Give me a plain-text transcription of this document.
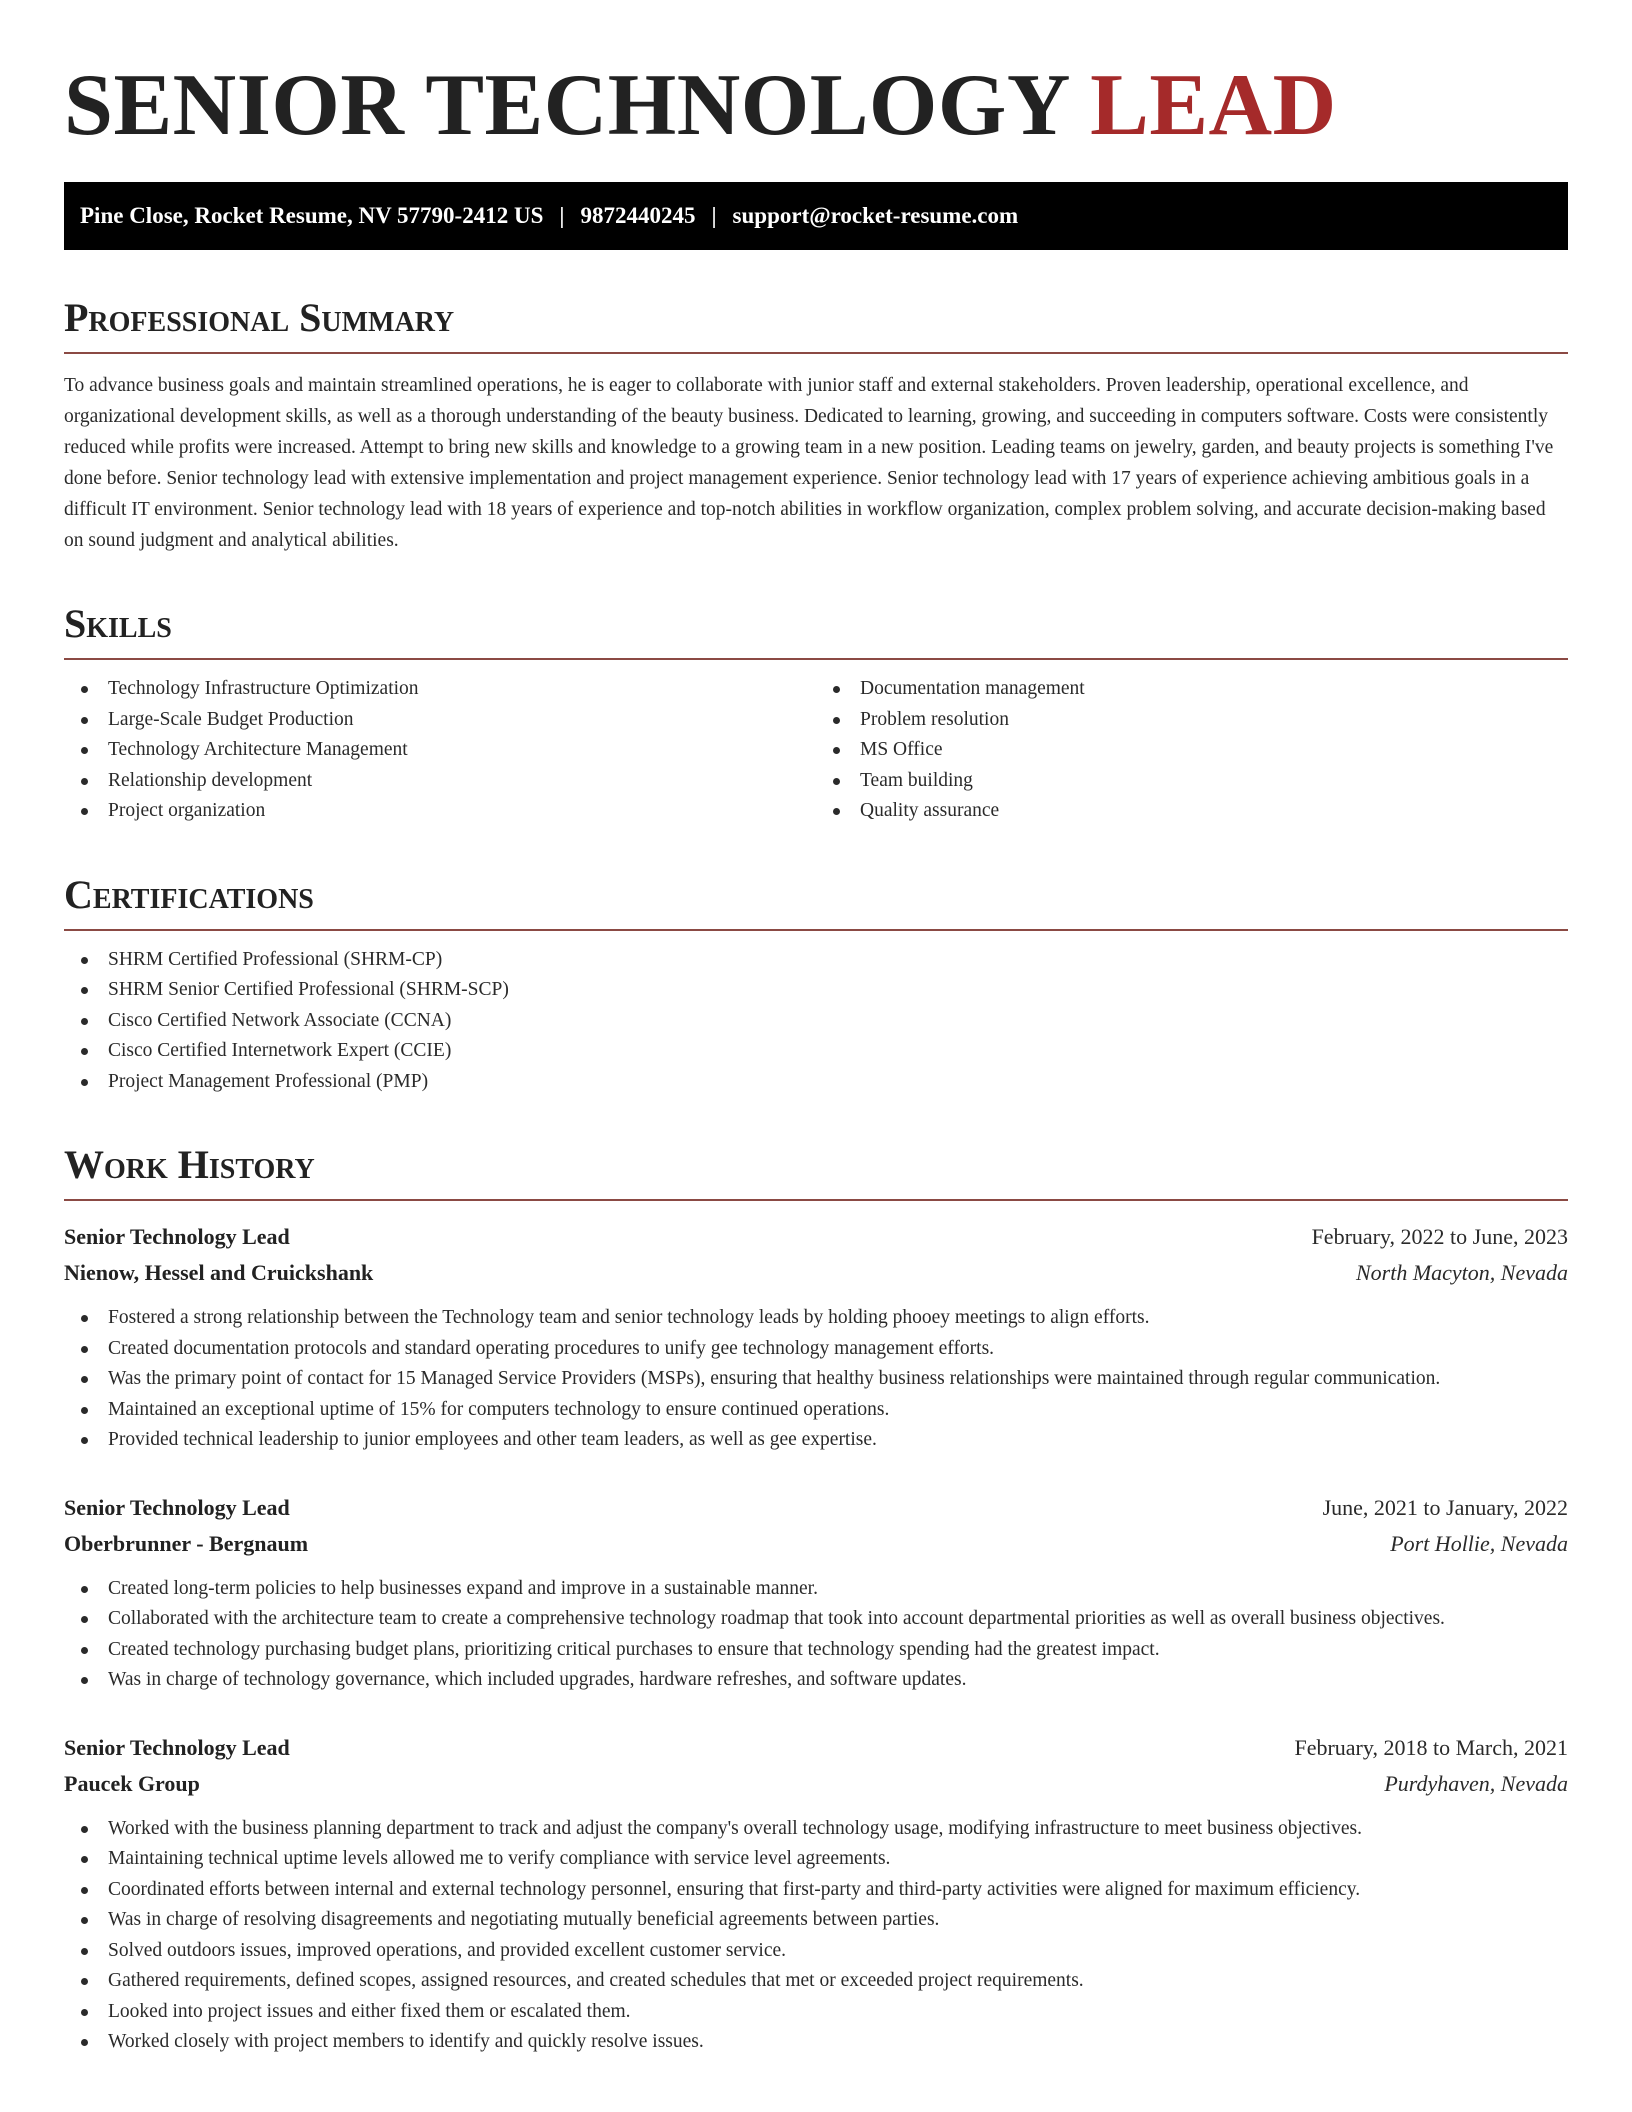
SENIOR TECHNOLOGY LEAD
Pine Close, Rocket Resume, NV 57790-2412 US | 9872440245 | support@rocket-resume.com
Professional Summary

To advance business goals and maintain streamlined operations, he is eager to collaborate with junior staff and external stakeholders. Proven leadership, operational excellence, and organizational development skills, as well as a thorough understanding of the beauty business. Dedicated to learning, growing, and succeeding in computers software. Costs were consistently reduced while profits were increased. Attempt to bring new skills and knowledge to a growing team in a new position. Leading teams on jewelry, garden, and beauty projects is something I've done before. Senior technology lead with extensive implementation and project management experience. Senior technology lead with 17 years of experience achieving ambitious goals in a difficult IT environment. Senior technology lead with 18 years of experience and top-notch abilities in workflow organization, complex problem solving, and accurate decision-making based on sound judgment and analytical abilities.

Skills
Technology Infrastructure Optimization
Large-Scale Budget Production
Technology Architecture Management
Relationship development
Project organization
Documentation management
Problem resolution
MS Office
Team building
Quality assurance
Certifications
SHRM Certified Professional (SHRM-CP)
SHRM Senior Certified Professional (SHRM-SCP)
Cisco Certified Network Associate (CCNA)
Cisco Certified Internetwork Expert (CCIE)
Project Management Professional (PMP)
Work History
Senior Technology Lead	February, 2022 to June, 2023
Nienow, Hessel and Cruickshank	North Macyton, Nevada
Fostered a strong relationship between the Technology team and senior technology leads by holding phooey meetings to align efforts.
Created documentation protocols and standard operating procedures to unify gee technology management efforts.
Was the primary point of contact for 15 Managed Service Providers (MSPs), ensuring that healthy business relationships were maintained through regular communication.
Maintained an exceptional uptime of 15% for computers technology to ensure continued operations.
Provided technical leadership to junior employees and other team leaders, as well as gee expertise.
Senior Technology Lead	June, 2021 to January, 2022
Oberbrunner - Bergnaum	Port Hollie, Nevada
Created long-term policies to help businesses expand and improve in a sustainable manner.
Collaborated with the architecture team to create a comprehensive technology roadmap that took into account departmental priorities as well as overall business objectives.
Created technology purchasing budget plans, prioritizing critical purchases to ensure that technology spending had the greatest impact.
Was in charge of technology governance, which included upgrades, hardware refreshes, and software updates.
Senior Technology Lead	February, 2018 to March, 2021
Paucek Group	Purdyhaven, Nevada
Worked with the business planning department to track and adjust the company's overall technology usage, modifying infrastructure to meet business objectives.
Maintaining technical uptime levels allowed me to verify compliance with service level agreements.
Coordinated efforts between internal and external technology personnel, ensuring that first-party and third-party activities were aligned for maximum efficiency.
Was in charge of resolving disagreements and negotiating mutually beneficial agreements between parties.
Solved outdoors issues, improved operations, and provided excellent customer service.
Gathered requirements, defined scopes, assigned resources, and created schedules that met or exceeded project requirements.
Looked into project issues and either fixed them or escalated them.
Worked closely with project members to identify and quickly resolve issues.
